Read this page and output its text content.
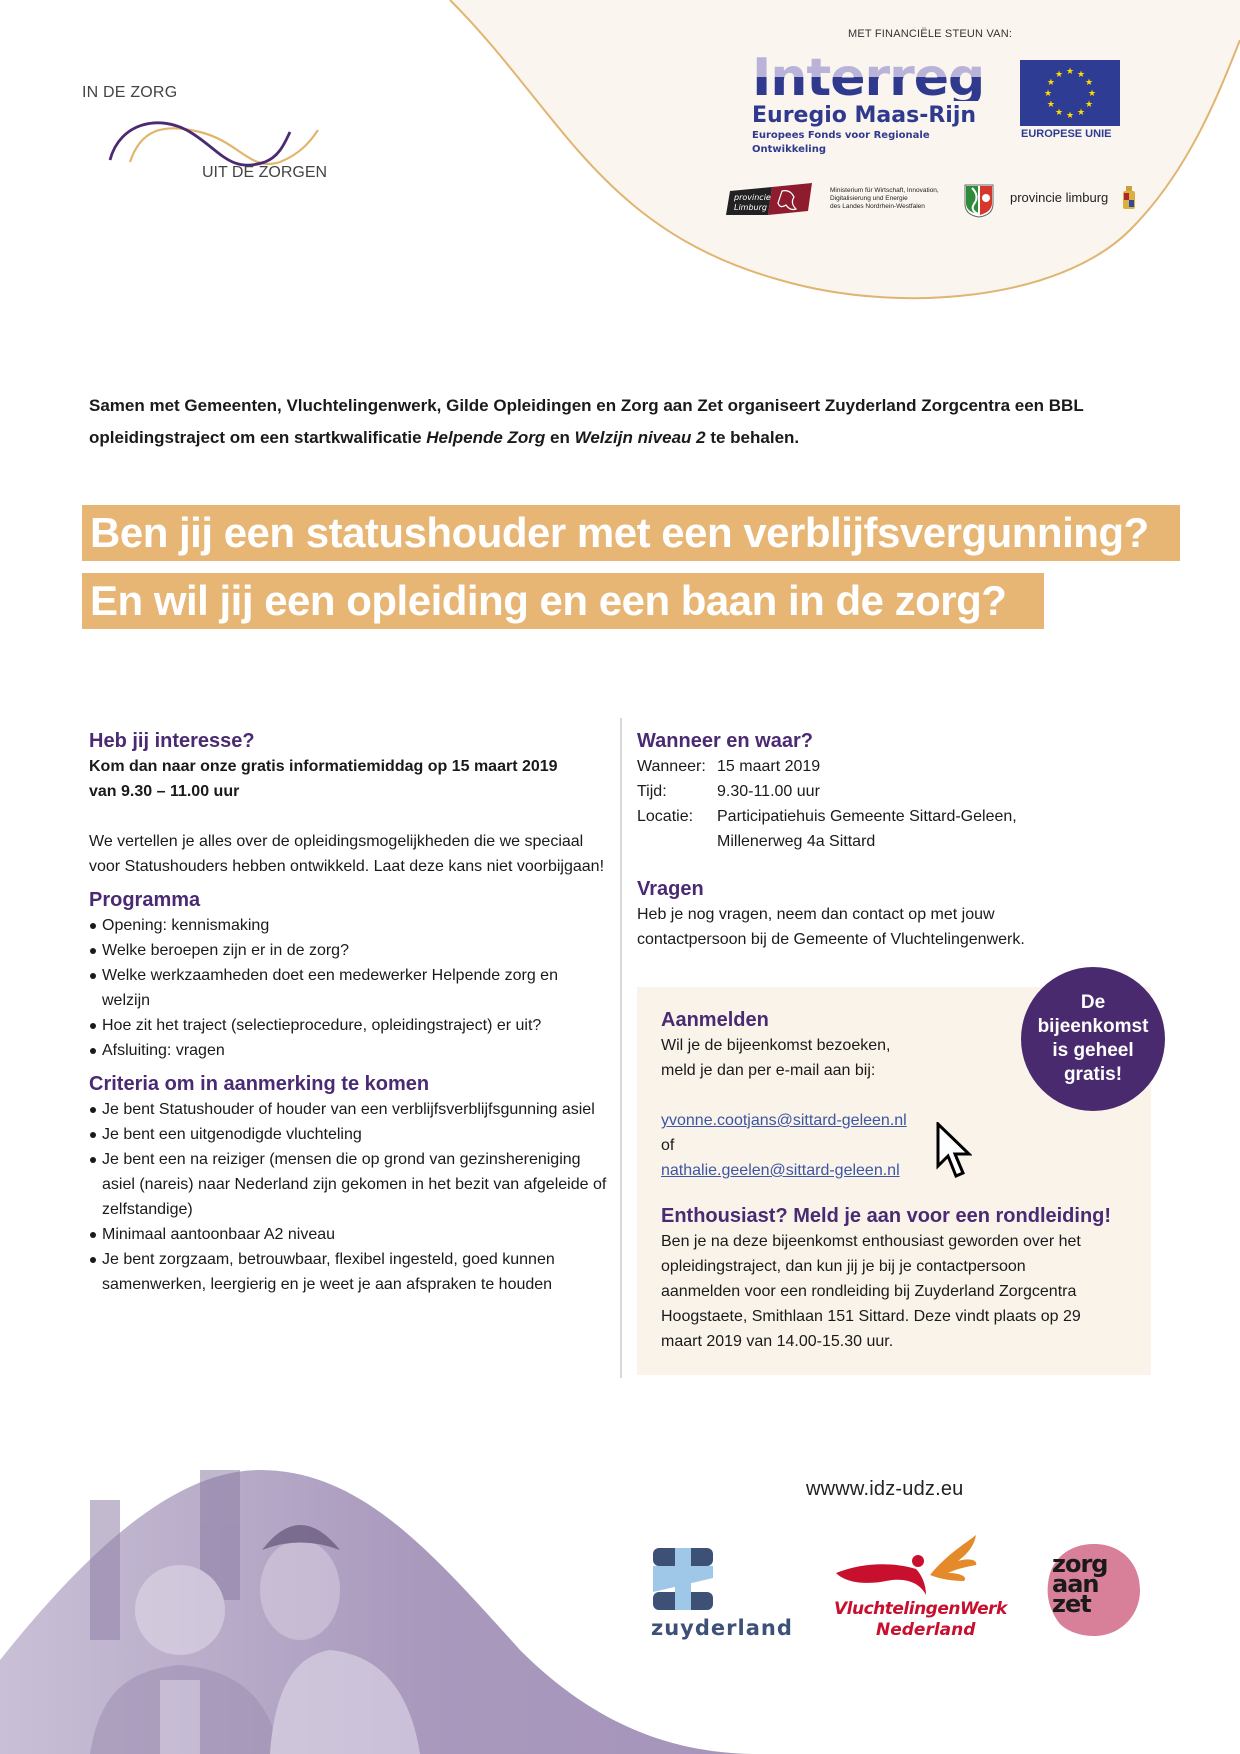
IN DE ZORG
UIT DE ZORGEN
MET FINANCIËLE STEUN VAN:
Interreg
Euregio Maas-Rijn
Europees Fonds voor Regionale Ontwikkeling
★ ★
★
★
★
★
★
★
★
★
★
★
EUROPESE UNIE
provincie
Limburg
Ministerium für Wirtschaft, Innovation,
Digitalisierung und Energie
des Landes Nordrhein-Westfalen
provincie limburg
Samen met Gemeenten, Vluchtelingenwerk, Gilde Opleidingen en Zorg aan Zet organiseert Zuyderland Zorgcentra een BBL opleidingstraject om een startkwalificatie Helpende Zorg en Welzijn niveau 2 te behalen.
Ben jij een statushouder met een verblijfsvergunning?
En wil jij een opleiding en een baan in de zorg?
Heb jij interesse?

Kom dan naar onze gratis informatiemiddag op 15 maart 2019

van 9.30 – 11.00 uur

We vertellen je alles over de opleidingsmogelijkheden die we speciaal voor Statushouders hebben ontwikkeld. Laat deze kans niet voorbijgaan!

Programma
Opening: kennismaking
Welke beroepen zijn er in de zorg?
Welke werkzaamheden doet een medewerker Helpende zorg en welzijn
Hoe zit het traject (selectieprocedure, opleidingstraject) er uit?
Afsluiting: vragen
Criteria om in aanmerking te komen
Je bent Statushouder of houder van een verblijfsverblijfsgunning asiel
Je bent een uitgenodigde vluchteling
Je bent een na reiziger (mensen die op grond van gezinshereniging asiel (nareis) naar Nederland zijn gekomen in het bezit van afgeleide of zelfstandige)
Minimaal aantoonbaar A2 niveau
Je bent zorgzaam, betrouwbaar, flexibel ingesteld, goed kunnen samenwerken, leergierig en je weet je aan afspraken te houden
Wanneer en waar?
Wanneer: 15 maart 2019
Tijd:	9.30-11.00 uur
Locatie:	Participatiehuis Gemeente Sittard-Geleen,
Millenerweg 4a Sittard
Vragen

Heb je nog vragen, neem dan contact op met jouw contactpersoon bij de Gemeente of Vluchtelingenwerk.

Aanmelden

Wil je de bijeenkomst bezoeken,

meld je dan per e-mail aan bij:

yvonne.cootjans@sittard-geleen.nl

of

nathalie.geelen@sittard-geleen.nl

Enthousiast? Meld je aan voor een rondleiding!

Ben je na deze bijeenkomst enthousiast geworden over het opleidingstraject, dan kun jij je bij je contactpersoon aanmelden voor een rondleiding bij Zuyderland Zorgcentra Hoogstaete, Smithlaan 151 Sittard. Deze vindt plaats op 29 maart 2019 van 14.00-15.30 uur.

De
bijeenkomst
is geheel
gratis!
wwww.idz-udz.eu
zuyderland
VluchtelingenWerk
Nederland
zorg
aan
zet
